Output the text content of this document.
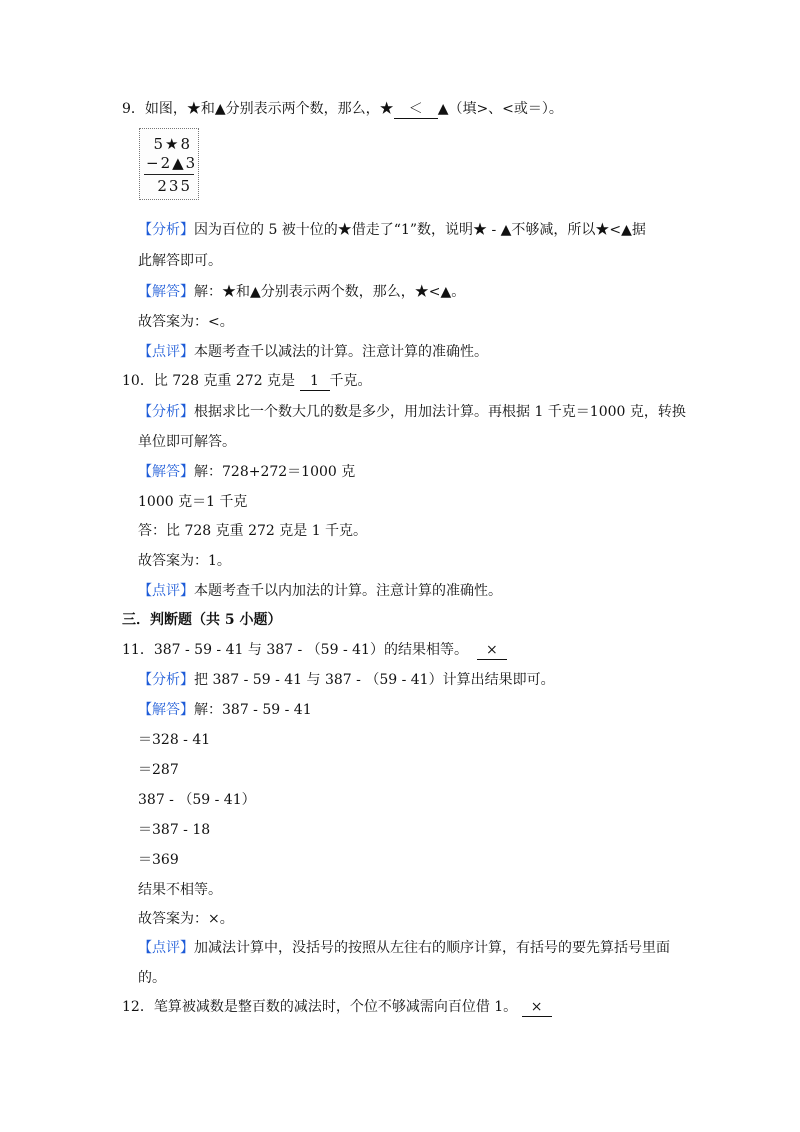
9．如图，★和▲分别表示两个数，那么，★ ＜ ▲（填>、<或＝）。
5★8
−2▲3
235
【分析】因为百位的 5 被十位的★借走了“1”数，说明★ - ▲不够减，所以★<▲据
此解答即可。
【解答】解：★和▲分别表示两个数，那么，★<▲。
故答案为：<。
【点评】本题考查千以减法的计算。注意计算的准确性。
10．比 728 克重 272 克是 1 千克。
【分析】根据求比一个数大几的数是多少，用加法计算。再根据 1 千克＝1000 克，转换
单位即可解答。
【解答】解：728+272＝1000 克
1000 克＝1 千克
答：比 728 克重 272 克是 1 千克。
故答案为：1。
【点评】本题考查千以内加法的计算。注意计算的准确性。
三．判断题（共 5 小题）
11．387 - 59 - 41 与 387 - （59 - 41）的结果相等。 ×
【分析】把 387 - 59 - 41 与 387 - （59 - 41）计算出结果即可。
【解答】解：387 - 59 - 41
＝328 - 41
＝287
387 - （59 - 41）
＝387 - 18
＝369
结果不相等。
故答案为：×。
【点评】加减法计算中，没括号的按照从左往右的顺序计算，有括号的要先算括号里面
的。
12．笔算被减数是整百数的减法时，个位不够减需向百位借 1。 ×
